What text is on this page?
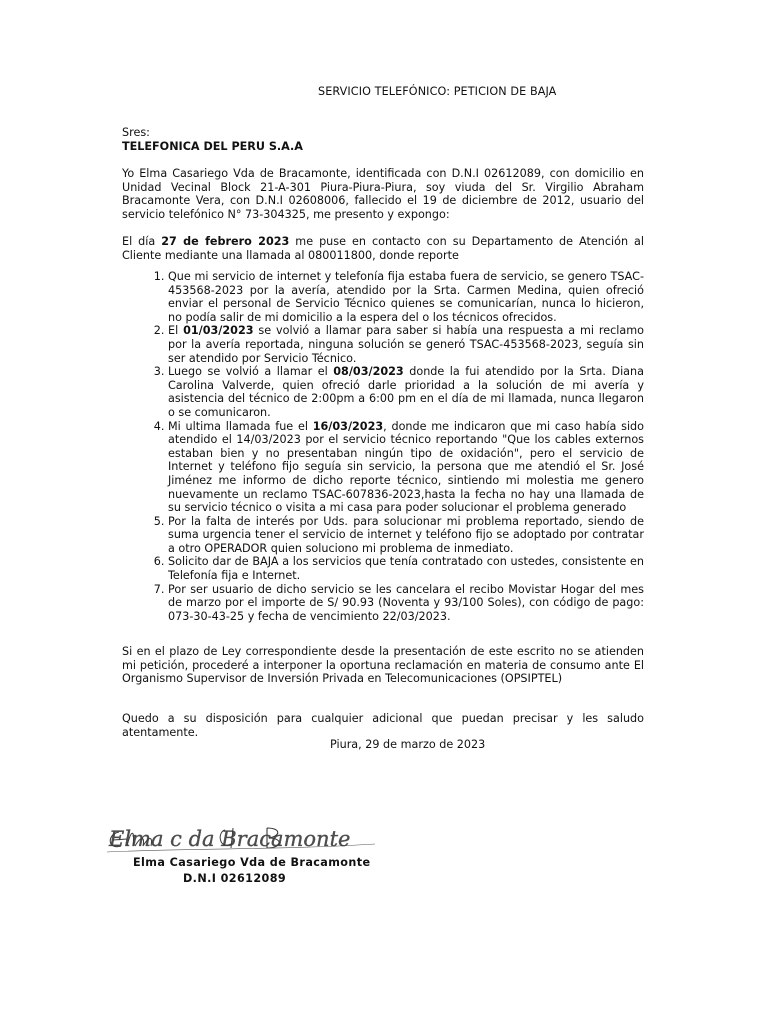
SERVICIO TELEFÓNICO: PETICION DE BAJA
Sres:
TELEFONICA DEL PERU S.A.A
Yo Elma Casariego Vda de Bracamonte, identificada con D.N.I 02612089, con domicilio en Unidad Vecinal Block 21-A-301 Piura-Piura-Piura, soy viuda del Sr. Virgilio Abraham Bracamonte Vera, con D.N.I 02608006, fallecido el 19 de diciembre de 2012, usuario del servicio telefónico N° 73-304325, me presento y expongo:
El día 27 de febrero 2023 me puse en contacto con su Departamento de Atención al Cliente mediante una llamada al 080011800, donde reporte
1. Que mi servicio de internet y telefonía fija estaba fuera de servicio, se genero TSAC-453568-2023 por la avería, atendido por la Srta. Carmen Medina, quien ofreció enviar el personal de Servicio Técnico quienes se comunicarían, nunca lo hicieron, no podía salir de mi domicilio a la espera del o los técnicos ofrecidos.
2. El 01/03/2023 se volvió a llamar para saber si había una respuesta a mi reclamo por la avería reportada, ninguna solución se generó TSAC-453568-2023, seguía sin ser atendido por Servicio Técnico.
3. Luego se volvió a llamar el 08/03/2023 donde la fui atendido por la Srta. Diana Carolina Valverde, quien ofreció darle prioridad a la solución de mi avería y asistencia del técnico de 2:00pm a 6:00 pm en el día de mi llamada, nunca llegaron o se comunicaron.
4. Mi ultima llamada fue el 16/03/2023, donde me indicaron que mi caso había sido atendido el 14/03/2023 por el servicio técnico reportando "Que los cables externos estaban bien y no presentaban ningún tipo de oxidación", pero el servicio de Internet y teléfono fijo seguía sin servicio, la persona que me atendió el Sr. José Jiménez me informo de dicho reporte técnico, sintiendo mi molestia me genero nuevamente un reclamo TSAC-607836-2023,hasta la fecha no hay una llamada de su servicio técnico o visita a mi casa para poder solucionar el problema generado
5. Por la falta de interés por Uds. para solucionar mi problema reportado, siendo de suma urgencia tener el servicio de internet y teléfono fijo se adoptado por contratar a otro OPERADOR quien soluciono mi problema de inmediato.
6. Solicito dar de BAJA a los servicios que tenía contratado con ustedes, consistente en Telefonía fija e Internet.
7. Por ser usuario de dicho servicio se les cancelara el recibo Movistar Hogar del mes de marzo por el importe de S/ 90.93 (Noventa y 93/100 Soles), con código de pago: 073-30-43-25 y fecha de vencimiento 22/03/2023.
Si en el plazo de Ley correspondiente desde la presentación de este escrito no se atienden mi petición, procederé a interponer la oportuna reclamación en materia de consumo ante El Organismo Supervisor de Inversión Privada en Telecomunicaciones (OPSIPTEL)
Quedo a su disposición para cualquier adicional que puedan precisar y les saludo atentamente.
Piura, 29 de marzo de 2023
Elma c da Bracamonte
Elma Casariego Vda de Bracamonte
D.N.I 02612089
